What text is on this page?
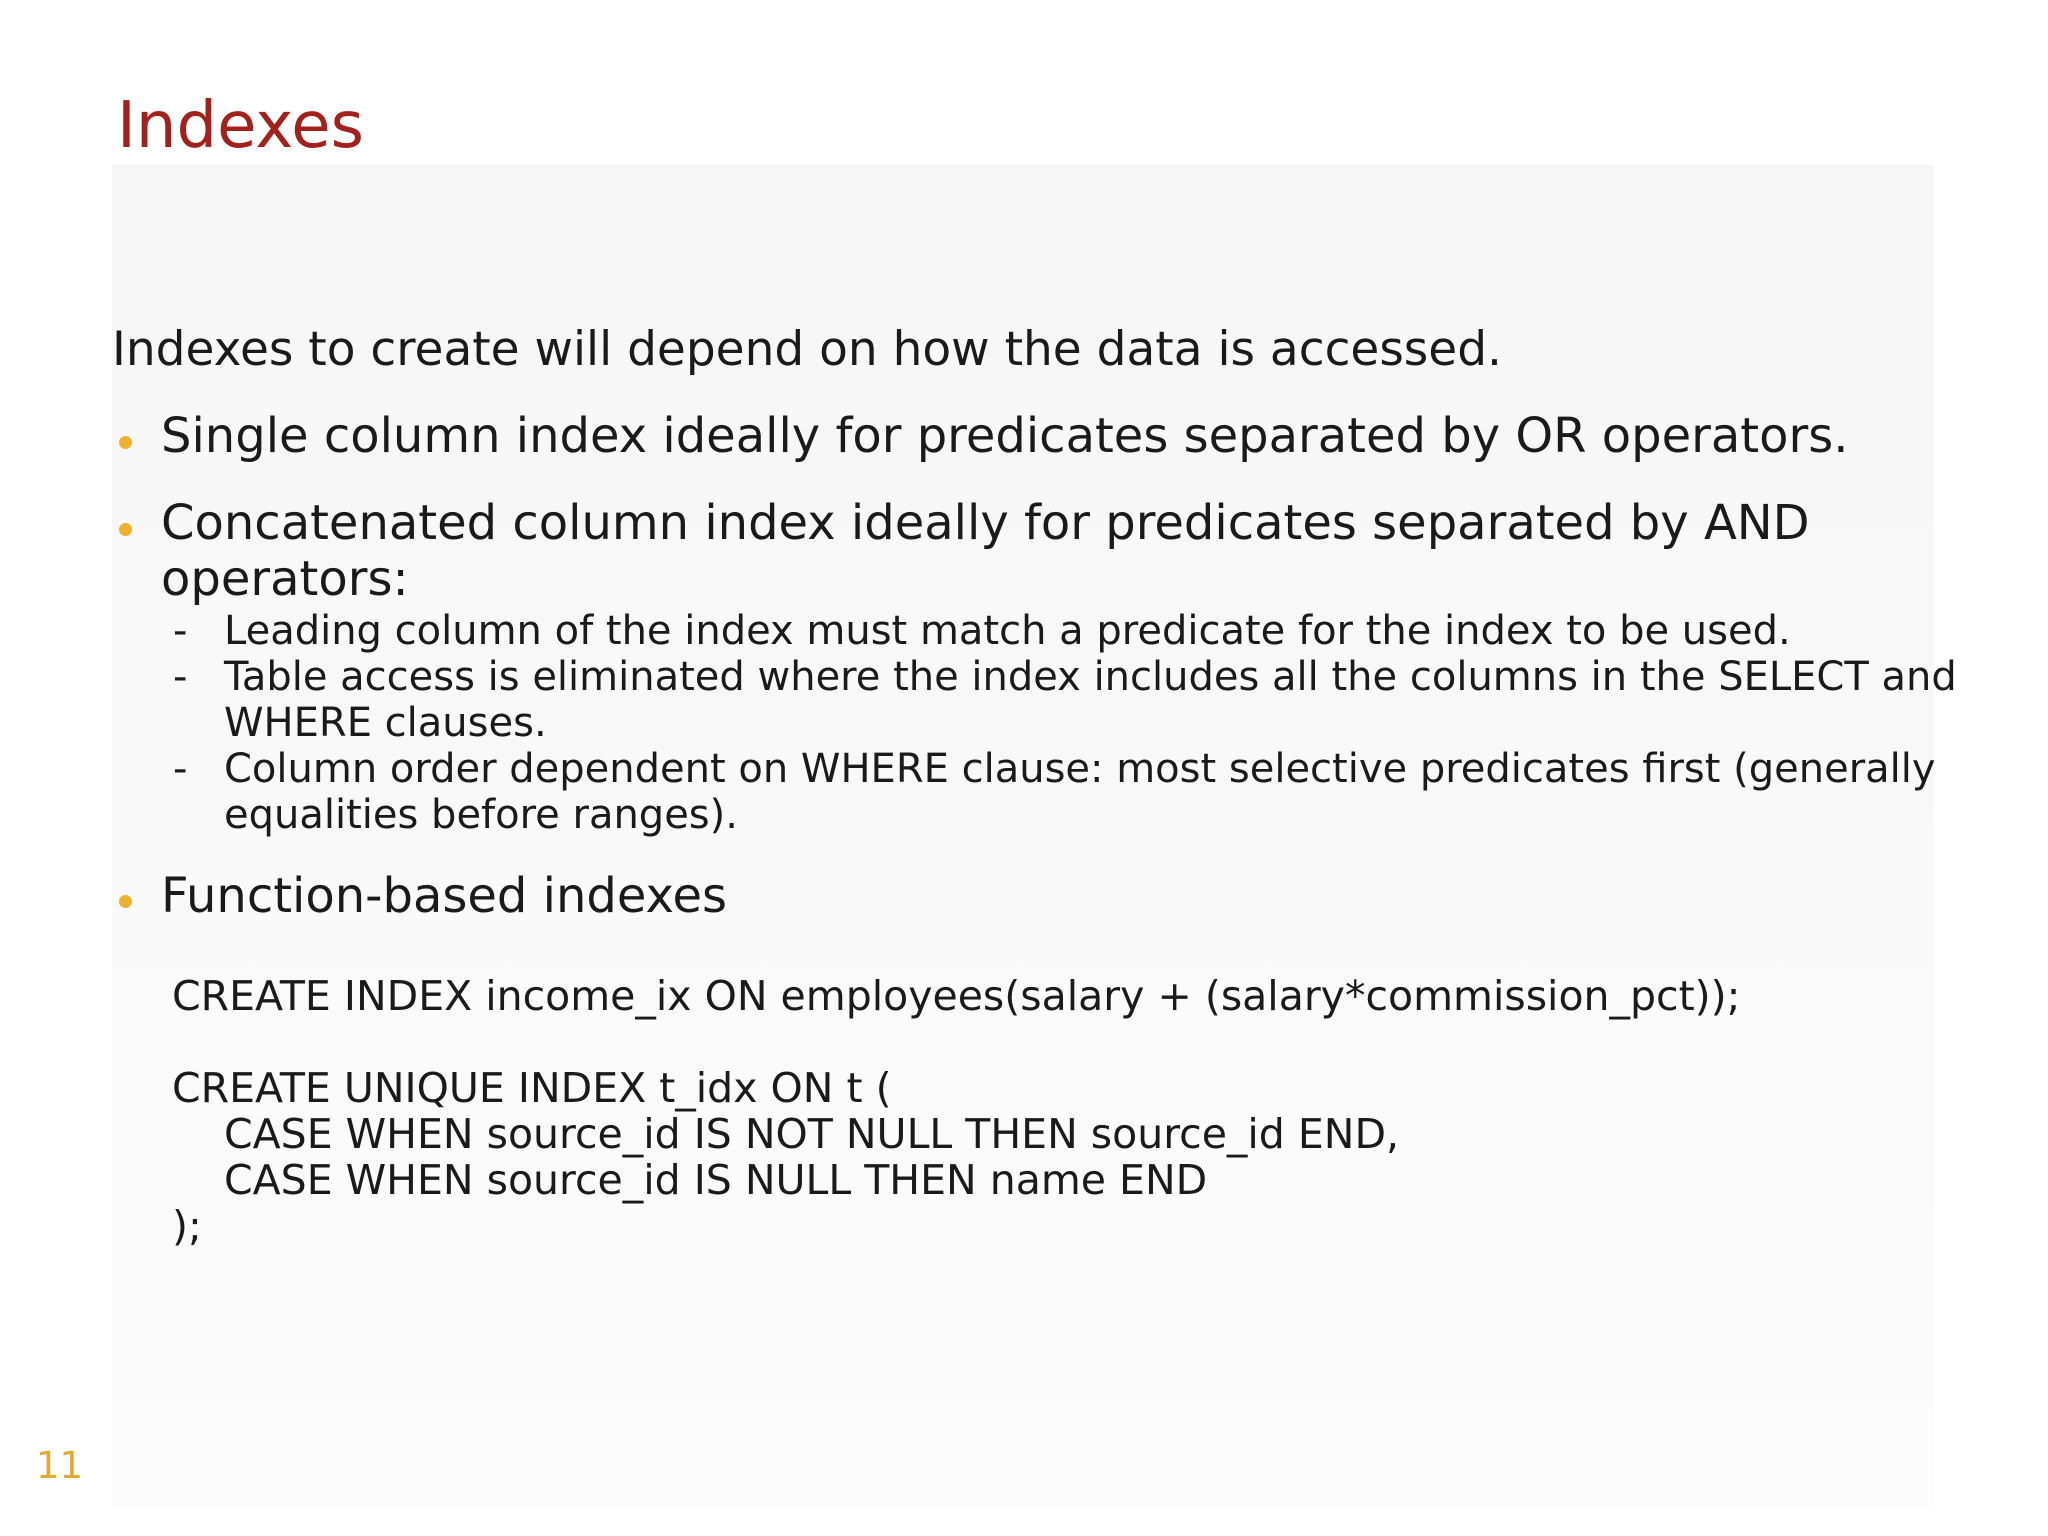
Indexes
Indexes to create will depend on how the data is accessed.
Single column index ideally for predicates separated by OR operators.
Concatenated column index ideally for predicates separated by AND
operators:
- Leading column of the index must match a predicate for the index to be used.
- Table access is eliminated where the index includes all the columns in the SELECT and
WHERE clauses.
- Column order dependent on WHERE clause: most selective predicates first (generally
equalities before ranges).
Function-based indexes
CREATE INDEX income_ix ON employees(salary + (salary*commission_pct));
CREATE UNIQUE INDEX t_idx ON t (
CASE WHEN source_id IS NOT NULL THEN source_id END,
CASE WHEN source_id IS NULL THEN name END
);
11
